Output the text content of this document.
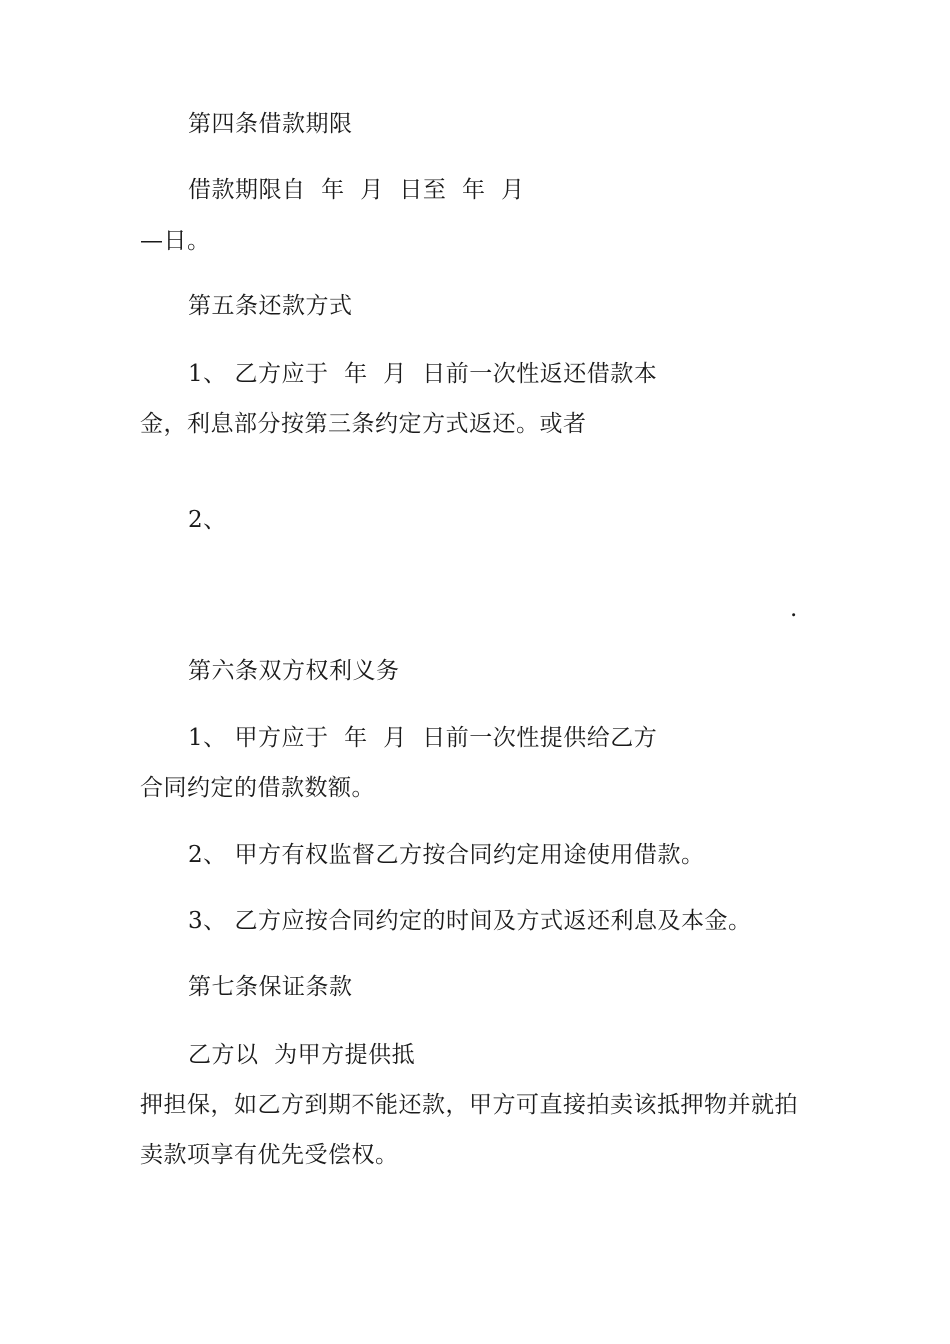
第四条借款期限
借款期限自  年  月  日至  年  月
—日。
第五条还款方式
1、 乙方应于  年  月  日前一次性返还借款本
金，利息部分按第三条约定方式返还。或者
2、
.
第六条双方权利义务
1、 甲方应于  年  月  日前一次性提供给乙方
合同约定的借款数额。
2、 甲方有权监督乙方按合同约定用途使用借款。
3、 乙方应按合同约定的时间及方式返还利息及本金。
第七条保证条款
乙方以  为甲方提供抵
押担保，如乙方到期不能还款，甲方可直接拍卖该抵押物并就拍
卖款项享有优先受偿权。
